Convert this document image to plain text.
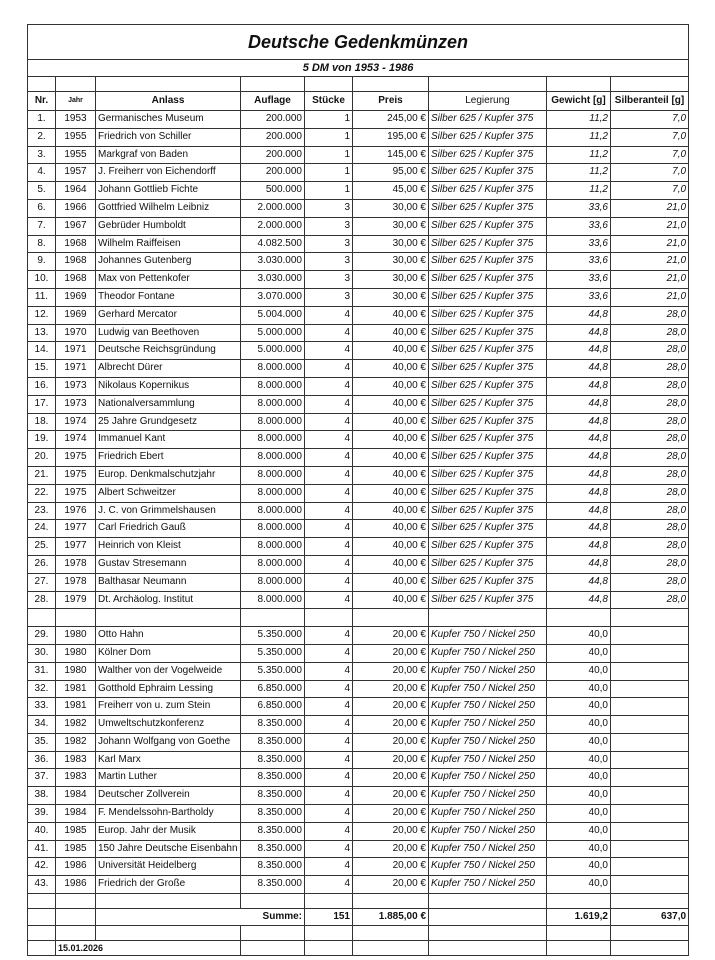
Deutsche Gedenkmünzen								
5 DM von 1953 - 1986								

Nr.	Jahr	Anlass	Auflage	Stücke	Preis	Legierung	Gewicht [g]	Silberanteil [g]
1.	1953	Germanisches Museum	200.000	1	245,00 €	Silber 625 / Kupfer 375	11,2	7,0
2.	1955	Friedrich von Schiller	200.000	1	195,00 €	Silber 625 / Kupfer 375	11,2	7,0
3.	1955	Markgraf von Baden	200.000	1	145,00 €	Silber 625 / Kupfer 375	11,2	7,0
4.	1957	J. Freiherr von Eichendorff	200.000	1	95,00 €	Silber 625 / Kupfer 375	11,2	7,0
5.	1964	Johann Gottlieb Fichte	500.000	1	45,00 €	Silber 625 / Kupfer 375	11,2	7,0
6.	1966	Gottfried Wilhelm Leibniz	2.000.000	3	30,00 €	Silber 625 / Kupfer 375	33,6	21,0
7.	1967	Gebrüder Humboldt	2.000.000	3	30,00 €	Silber 625 / Kupfer 375	33,6	21,0
8.	1968	Wilhelm Raiffeisen	4.082.500	3	30,00 €	Silber 625 / Kupfer 375	33,6	21,0
9.	1968	Johannes Gutenberg	3.030.000	3	30,00 €	Silber 625 / Kupfer 375	33,6	21,0
10.	1968	Max von Pettenkofer	3.030.000	3	30,00 €	Silber 625 / Kupfer 375	33,6	21,0
11.	1969	Theodor Fontane	3.070.000	3	30,00 €	Silber 625 / Kupfer 375	33,6	21,0
12.	1969	Gerhard Mercator	5.004.000	4	40,00 €	Silber 625 / Kupfer 375	44,8	28,0
13.	1970	Ludwig van Beethoven	5.000.000	4	40,00 €	Silber 625 / Kupfer 375	44,8	28,0
14.	1971	Deutsche Reichsgründung	5.000.000	4	40,00 €	Silber 625 / Kupfer 375	44,8	28,0
15.	1971	Albrecht Dürer	8.000.000	4	40,00 €	Silber 625 / Kupfer 375	44,8	28,0
16.	1973	Nikolaus Kopernikus	8.000.000	4	40,00 €	Silber 625 / Kupfer 375	44,8	28,0
17.	1973	Nationalversammlung	8.000.000	4	40,00 €	Silber 625 / Kupfer 375	44,8	28,0
18.	1974	25 Jahre Grundgesetz	8.000.000	4	40,00 €	Silber 625 / Kupfer 375	44,8	28,0
19.	1974	Immanuel Kant	8.000.000	4	40,00 €	Silber 625 / Kupfer 375	44,8	28,0
20.	1975	Friedrich Ebert	8.000.000	4	40,00 €	Silber 625 / Kupfer 375	44,8	28,0
21.	1975	Europ. Denkmalschutzjahr	8.000.000	4	40,00 €	Silber 625 / Kupfer 375	44,8	28,0
22.	1975	Albert Schweitzer	8.000.000	4	40,00 €	Silber 625 / Kupfer 375	44,8	28,0
23.	1976	J. C. von Grimmelshausen	8.000.000	4	40,00 €	Silber 625 / Kupfer 375	44,8	28,0
24.	1977	Carl Friedrich Gauß	8.000.000	4	40,00 €	Silber 625 / Kupfer 375	44,8	28,0
25.	1977	Heinrich von Kleist	8.000.000	4	40,00 €	Silber 625 / Kupfer 375	44,8	28,0
26.	1978	Gustav Stresemann	8.000.000	4	40,00 €	Silber 625 / Kupfer 375	44,8	28,0
27.	1978	Balthasar Neumann	8.000.000	4	40,00 €	Silber 625 / Kupfer 375	44,8	28,0
28.	1979	Dt. Archäolog. Institut	8.000.000	4	40,00 €	Silber 625 / Kupfer 375	44,8	28,0

29.	1980	Otto Hahn	5.350.000	4	20,00 €	Kupfer 750 / Nickel 250	40,0	
30.	1980	Kölner Dom	5.350.000	4	20,00 €	Kupfer 750 / Nickel 250	40,0	
31.	1980	Walther von der Vogelweide	5.350.000	4	20,00 €	Kupfer 750 / Nickel 250	40,0	
32.	1981	Gotthold Ephraim Lessing	6.850.000	4	20,00 €	Kupfer 750 / Nickel 250	40,0	
33.	1981	Freiherr von u. zum Stein	6.850.000	4	20,00 €	Kupfer 750 / Nickel 250	40,0	
34.	1982	Umweltschutzkonferenz	8.350.000	4	20,00 €	Kupfer 750 / Nickel 250	40,0	
35.	1982	Johann Wolfgang von Goethe	8.350.000	4	20,00 €	Kupfer 750 / Nickel 250	40,0	
36.	1983	Karl Marx	8.350.000	4	20,00 €	Kupfer 750 / Nickel 250	40,0	
37.	1983	Martin Luther	8.350.000	4	20,00 €	Kupfer 750 / Nickel 250	40,0	
38.	1984	Deutscher Zollverein	8.350.000	4	20,00 €	Kupfer 750 / Nickel 250	40,0	
39.	1984	F. Mendelssohn-Bartholdy	8.350.000	4	20,00 €	Kupfer 750 / Nickel 250	40,0	
40.	1985	Europ. Jahr der Musik	8.350.000	4	20,00 €	Kupfer 750 / Nickel 250	40,0	
41.	1985	150 Jahre Deutsche Eisenbahn	8.350.000	4	20,00 €	Kupfer 750 / Nickel 250	40,0	
42.	1986	Universität Heidelberg	8.350.000	4	20,00 €	Kupfer 750 / Nickel 250	40,0	
43.	1986	Friedrich der Große	8.350.000	4	20,00 €	Kupfer 750 / Nickel 250	40,0	

		Summe:		151	1.885,00 €		1.619,2	637,0

	15.01.2026							
